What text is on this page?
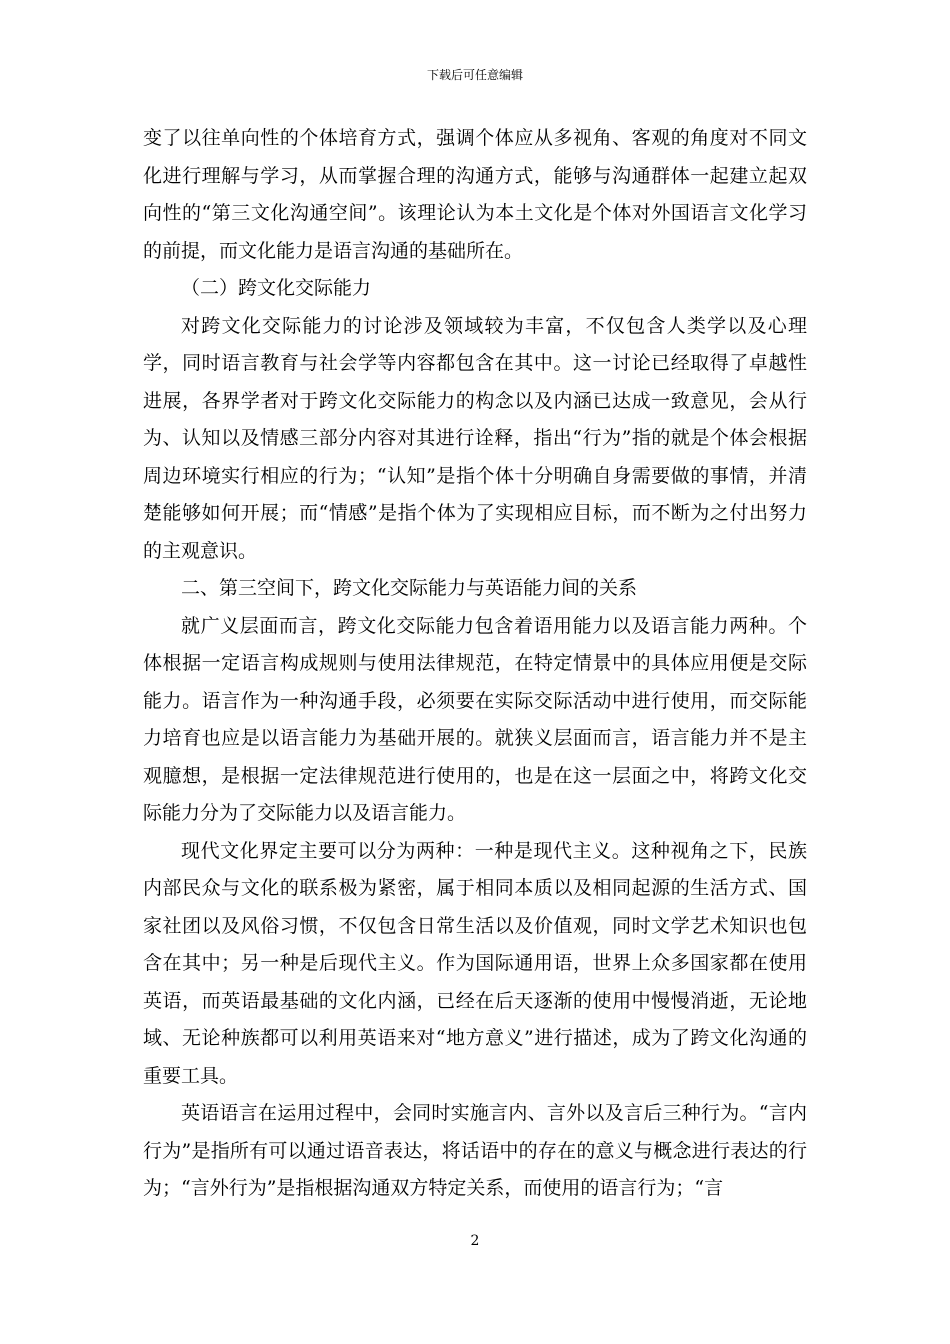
下载后可任意编辑

变了以往单向性的个体培育方式，强调个体应从多视角、客观的角度对不同文化进行理解与学习，从而掌握合理的沟通方式，能够与沟通群体一起建立起双向性的“第三文化沟通空间”。该理论认为本土文化是个体对外国语言文化学习的前提，而文化能力是语言沟通的基础所在。

（二）跨文化交际能力

对跨文化交际能力的讨论涉及领域较为丰富，不仅包含人类学以及心理学，同时语言教育与社会学等内容都包含在其中。这一讨论已经取得了卓越性进展，各界学者对于跨文化交际能力的构念以及内涵已达成一致意见，会从行为、认知以及情感三部分内容对其进行诠释，指出“行为”指的就是个体会根据周边环境实行相应的行为；“认知”是指个体十分明确自身需要做的事情，并清楚能够如何开展；而“情感”是指个体为了实现相应目标，而不断为之付出努力的主观意识。

二、第三空间下，跨文化交际能力与英语能力间的关系

就广义层面而言，跨文化交际能力包含着语用能力以及语言能力两种。个体根据一定语言构成规则与使用法律规范，在特定情景中的具体应用便是交际能力。语言作为一种沟通手段，必须要在实际交际活动中进行使用，而交际能力培育也应是以语言能力为基础开展的。就狭义层面而言，语言能力并不是主观臆想，是根据一定法律规范进行使用的，也是在这一层面之中，将跨文化交际能力分为了交际能力以及语言能力。

现代文化界定主要可以分为两种：一种是现代主义。这种视角之下，民族内部民众与文化的联系极为紧密，属于相同本质以及相同起源的生活方式、国家社团以及风俗习惯，不仅包含日常生活以及价值观，同时文学艺术知识也包含在其中；另一种是后现代主义。作为国际通用语，世界上众多国家都在使用英语，而英语最基础的文化内涵，已经在后天逐渐的使用中慢慢消逝，无论地域、无论种族都可以利用英语来对“地方意义”进行描述，成为了跨文化沟通的重要工具。

英语语言在运用过程中，会同时实施言内、言外以及言后三种行为。“言内行为”是指所有可以通过语音表达，将话语中的存在的意义与概念进行表达的行为；“言外行为”是指根据沟通双方特定关系，而使用的语言行为；“言

2
